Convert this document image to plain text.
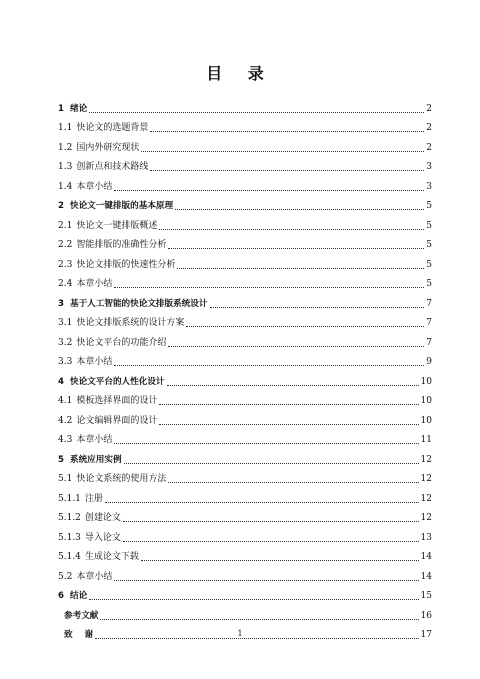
目 录
1 绪论	2
1.1 快论文的选题背景	2
1.2 国内外研究现状	2
1.3 创新点和技术路线	3
1.4 本章小结	3
2 快论文一键排版的基本原理	5
2.1 快论文一键排版概述	5
2.2 智能排版的准确性分析	5
2.3 快论文排版的快速性分析	5
2.4 本章小结	5
3 基于人工智能的快论文排版系统设计	7
3.1 快论文排版系统的设计方案	7
3.2 快论文平台的功能介绍	7
3.3 本章小结	9
4 快论文平台的人性化设计	10
4.1 模板选择界面的设计	10
4.2 论文编辑界面的设计	10
4.3 本章小结	11
5 系统应用实例	12
5.1 快论文系统的使用方法	12
5.1.1 注册	12
5.1.2 创建论文	12
5.1.3 导入论文	13
5.1.4 生成论文下载	14
5.2 本章小结	14
6 结论	15
参考文献	16
致    谢	17
1
